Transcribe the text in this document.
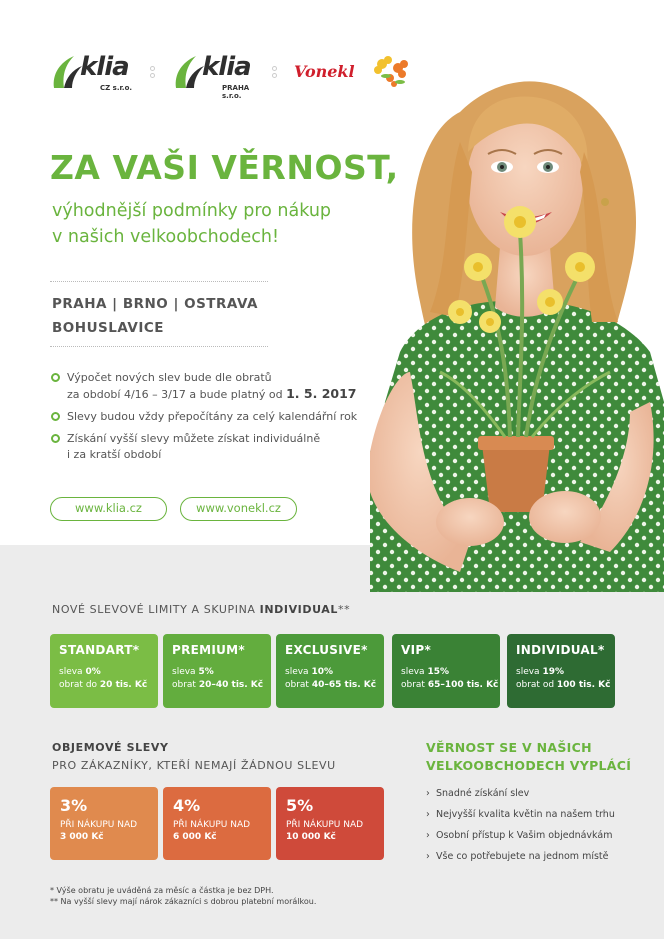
klia
CZ s.r.o.
klia
PRAHA
s.r.o.
Vonekl
ZA VAŠI VĚRNOST,
výhodnější podmínky pro nákup
v našich velkoobchodech!
PRAHA | BRNO | OSTRAVA
BOHUSLAVICE
Výpočet nových slev bude dle obratů
za období 4/16 – 3/17 a bude platný od 1. 5. 2017
Slevy budou vždy přepočítány za celý kalendářní rok
Získání vyšší slevy můžete získat individuálně
i za kratší období
www.klia.cz	www.vonekl.cz
NOVÉ SLEVOVÉ LIMITY A SKUPINA INDIVIDUAL**
STANDART*
sleva 0%
obrat do 20 tis. Kč
PREMIUM*
sleva 5%
obrat 20–40 tis. Kč
EXCLUSIVE*
sleva 10%
obrat 40–65 tis. Kč
VIP*
sleva 15%
obrat 65–100 tis. Kč
INDIVIDUAL*
sleva 19%
obrat od 100 tis. Kč
OBJEMOVÉ SLEVY
PRO ZÁKAZNÍKY, KTEŘÍ NEMAJÍ ŽÁDNOU SLEVU
3%
PŘI NÁKUPU NAD
3 000 Kč
4%
PŘI NÁKUPU NAD
6 000 Kč
5%
PŘI NÁKUPU NAD
10 000 Kč
VĚRNOST SE V NAŠICH
VELKOOBCHODECH VYPLÁCÍ
› Snadné získání slev
› Nejvyšší kvalita květin na našem trhu
› Osobní přístup k Vašim objednávkám
› Vše co potřebujete na jednom místě
* Výše obratu je uváděná za měsíc a částka je bez DPH.
** Na vyšší slevy mají nárok zákazníci s dobrou platební morálkou.
